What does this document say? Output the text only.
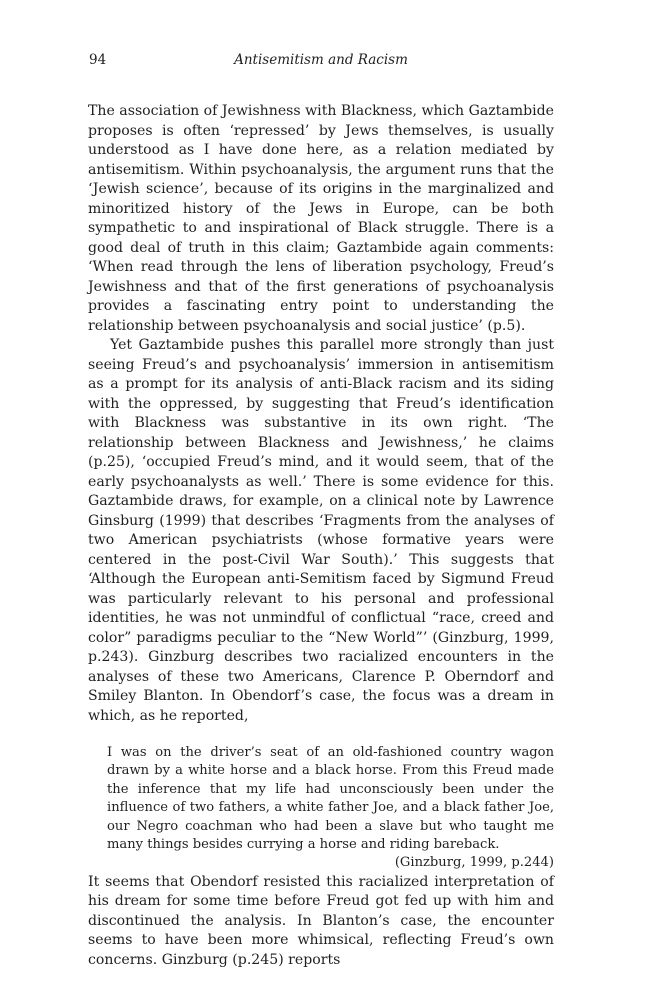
94	Antisemitism and Racism

The association of Jewishness with Blackness, which Gaztambide proposes is often ‘repressed’ by Jews themselves, is usually understood as I have done here, as a relation mediated by antisemitism. Within psychoanalysis, the argument runs that the ‘Jewish science’, because of its origins in the marginalized and minoritized history of the Jews in Europe, can be both sympathetic to and inspirational of Black struggle. There is a good deal of truth in this claim; Gaztambide again comments: ‘When read through the lens of liberation psychology, Freud’s Jewishness and that of the first generations of psychoanalysis provides a fascinating entry point to understanding the relationship between psychoanalysis and social justice’ (p.5).

Yet Gaztambide pushes this parallel more strongly than just seeing Freud’s and psychoanalysis’ immersion in antisemitism as a prompt for its analysis of anti-Black racism and its siding with the oppressed, by suggesting that Freud’s identification with Blackness was substantive in its own right. ‘The relationship between Blackness and Jewishness,’ he claims (p.25), ‘occupied Freud’s mind, and it would seem, that of the early psychoanalysts as well.’ There is some evidence for this. Gaztambide draws, for example, on a clinical note by Lawrence Ginsburg (1999) that describes ‘Fragments from the analyses of two American psychiatrists (whose formative years were centered in the post-Civil War South).’ This suggests that ‘Although the European anti-Semitism faced by Sigmund Freud was particularly relevant to his personal and professional identities, he was not unmindful of conflictual “race, creed and color” paradigms peculiar to the “New World”’ (Ginzburg, 1999, p.243). Ginzburg describes two racialized encounters in the analyses of these two Americans, Clarence P. Oberndorf and Smiley Blanton. In Obendorf’s case, the focus was a dream in which, as he reported,

I was on the driver’s seat of an old-fashioned country wagon drawn by a white horse and a black horse. From this Freud made the inference that my life had unconsciously been under the influence of two fathers, a white father Joe, and a black father Joe, our Negro coachman who had been a slave but who taught me many things besides currying a horse and riding bareback.

(Ginzburg, 1999, p.244)

It seems that Obendorf resisted this racialized interpretation of his dream for some time before Freud got fed up with him and discontinued the analysis. In Blanton’s case, the encounter seems to have been more whimsical, reflecting Freud’s own concerns. Ginzburg (p.245) reports
